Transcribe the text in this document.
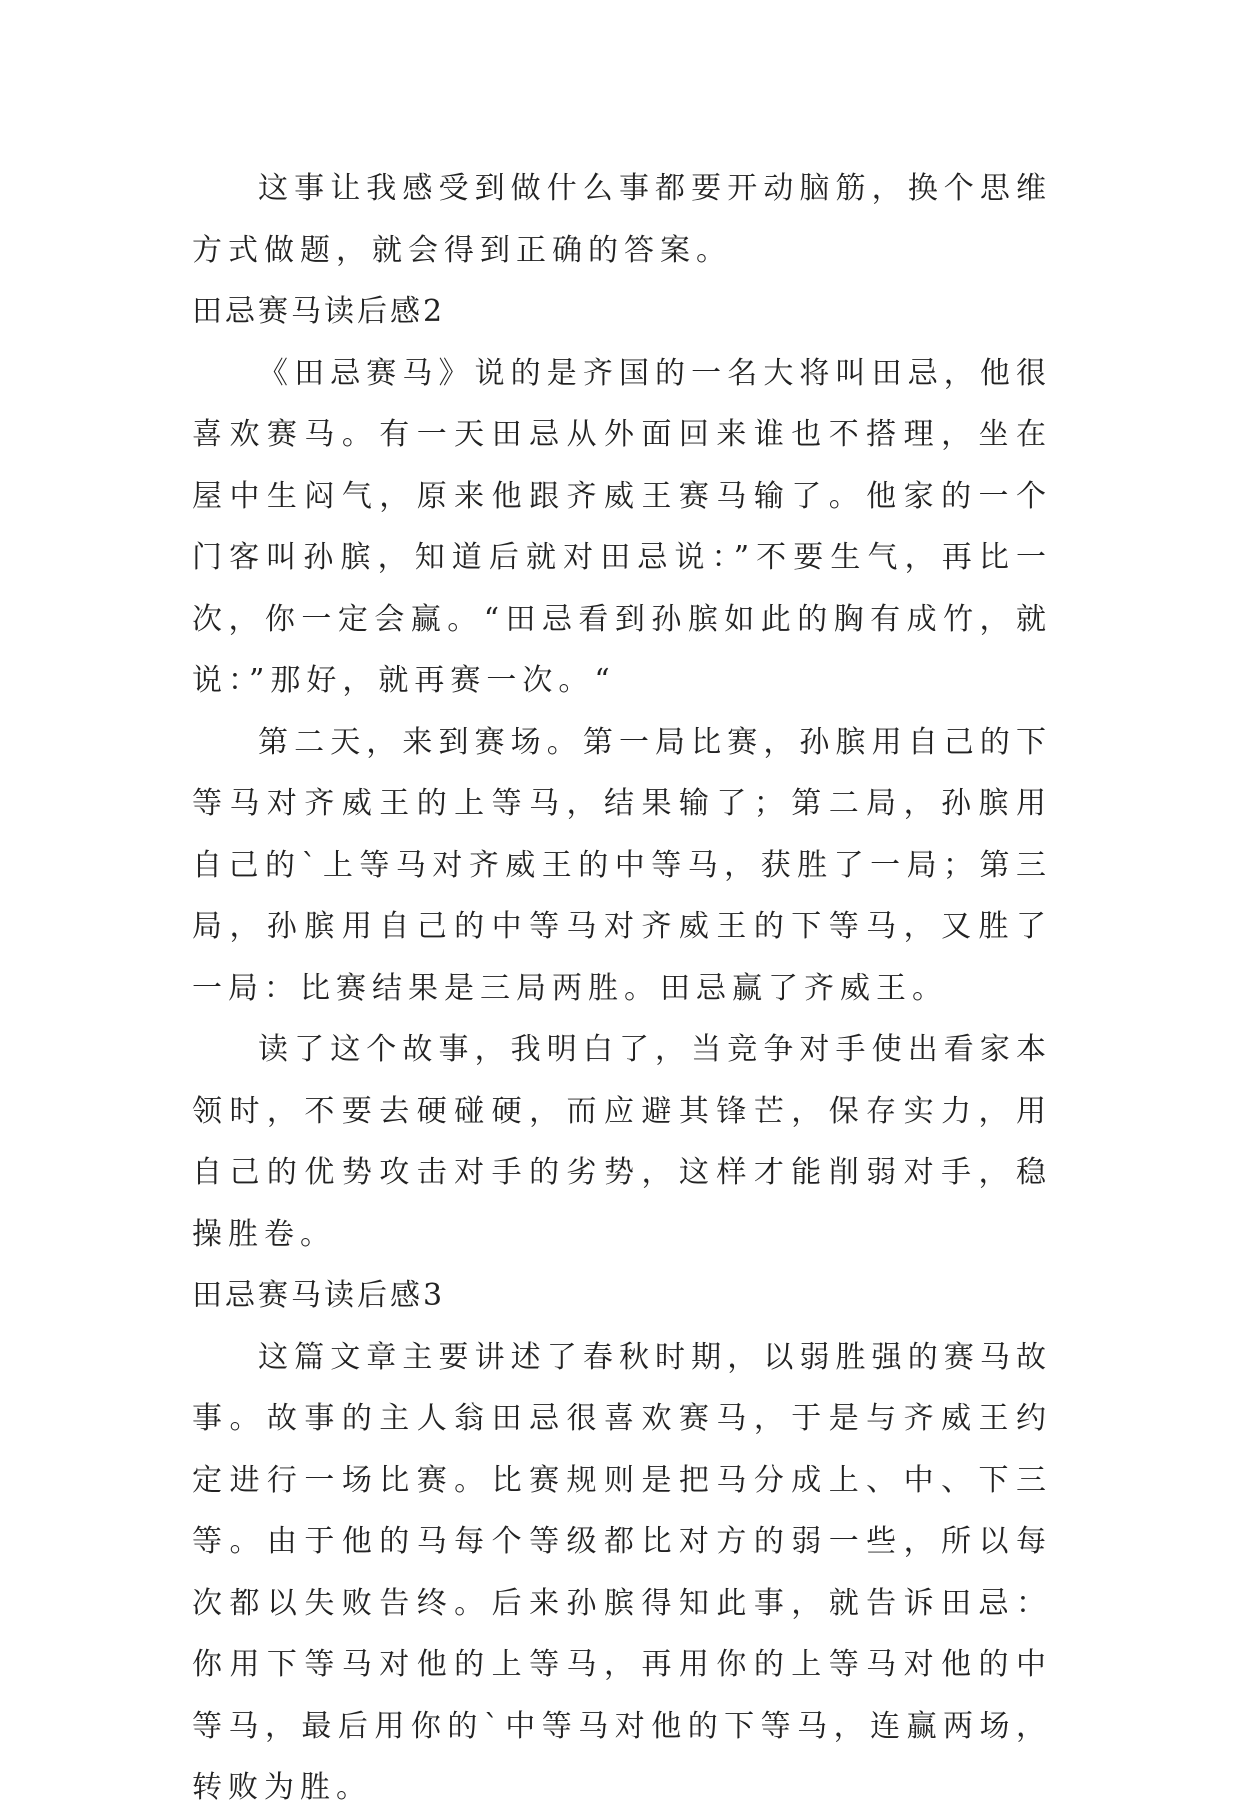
这事让我感受到做什么事都要开动脑筋，换个思维方式做题，就会得到正确的答案。

田忌赛马读后感2

《田忌赛马》说的是齐国的一名大将叫田忌，他很喜欢赛马。有一天田忌从外面回来谁也不搭理，坐在屋中生闷气，原来他跟齐威王赛马输了。他家的一个门客叫孙膑，知道后就对田忌说：”不要生气，再比一次，你一定会赢。“田忌看到孙膑如此的胸有成竹，就说：”那好，就再赛一次。“

第二天，来到赛场。第一局比赛，孙膑用自己的下等马对齐威王的上等马，结果输了；第二局，孙膑用自己的`上等马对齐威王的中等马，获胜了一局；第三局，孙膑用自己的中等马对齐威王的下等马，又胜了一局：比赛结果是三局两胜。田忌赢了齐威王。

读了这个故事，我明白了，当竞争对手使出看家本领时，不要去硬碰硬，而应避其锋芒，保存实力，用自己的优势攻击对手的劣势，这样才能削弱对手，稳操胜卷。

田忌赛马读后感3

这篇文章主要讲述了春秋时期，以弱胜强的赛马故事。故事的主人翁田忌很喜欢赛马，于是与齐威王约定进行一场比赛。比赛规则是把马分成上、中、下三等。由于他的马每个等级都比对方的弱一些，所以每次都以失败告终。后来孙膑得知此事，就告诉田忌：你用下等马对他的上等马，再用你的上等马对他的中等马，最后用你的`中等马对他的下等马，连赢两场，转败为胜。
